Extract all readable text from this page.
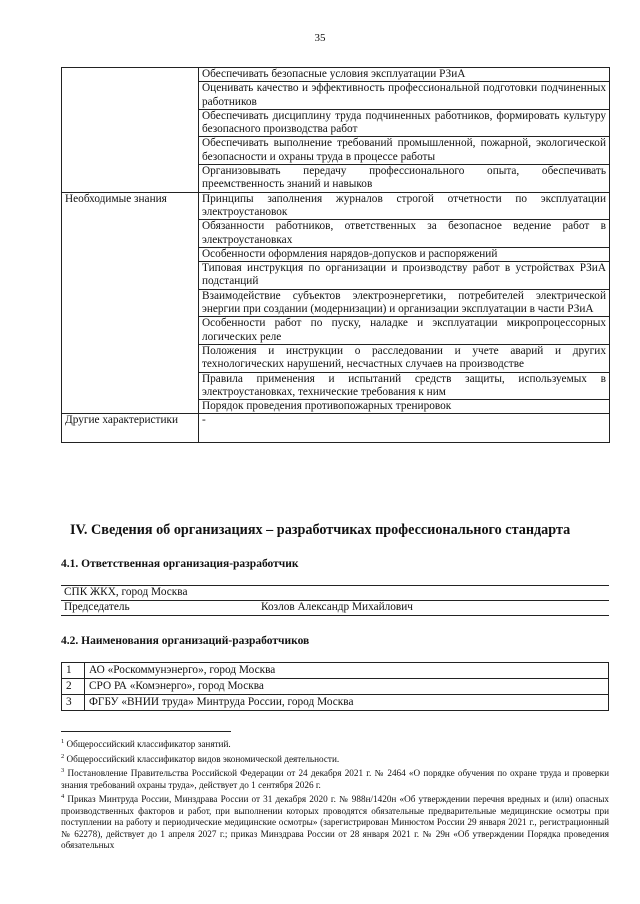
35
	Обеспечивать безопасные условия эксплуатации РЗиА
	Оценивать качество и эффективность профессиональной подготовки подчиненных работников
	Обеспечивать дисциплину труда подчиненных работников, формировать культуру безопасного производства работ
	Обеспечивать выполнение требований промышленной, пожарной, экологической безопасности и охраны труда в процессе работы
	Организовывать передачу профессионального опыта, обеспечивать преемственность знаний и навыков
Необходимые знания	Принципы заполнения журналов строгой отчетности по эксплуатации электроустановок
	Обязанности работников, ответственных за безопасное ведение работ в электроустановках
	Особенности оформления нарядов-допусков и распоряжений
	Типовая инструкция по организации и производству работ в устройствах РЗиА подстанций
	Взаимодействие субъектов электроэнергетики, потребителей электрической энергии при создании (модернизации) и организации эксплуатации в части РЗиА
	Особенности работ по пуску, наладке и эксплуатации микропроцессорных логических реле
	Положения и инструкции о расследовании и учете аварий и других технологических нарушений, несчастных случаев на производстве
	Правила применения и испытаний средств защиты, используемых в электроустановках, технические требования к ним
	Порядок проведения противопожарных тренировок
Другие характеристики	-
IV. Сведения об организациях – разработчиках профессионального стандарта
4.1. Ответственная организация-разработчик
СПК ЖКХ, город Москва
Председатель	Козлов Александр Михайлович
4.2. Наименования организаций-разработчиков
1	АО «Роскоммунэнерго», город Москва
2	СРО РА «Комэнерго», город Москва
3	ФГБУ «ВНИИ труда» Минтруда России, город Москва

$^1$ Общероссийский классификатор занятий.

$^2$ Общероссийский классификатор видов экономической деятельности.

$^3$ Постановление Правительства Российской Федерации от 24 декабря 2021 г. № 2464 «О порядке обучения по охране труда и проверки знания требований охраны труда», действует до 1 сентября 2026 г.

$^4$ Приказ Минтруда России, Минздрава России от 31 декабря 2020 г. № 988н/1420н «Об утверждении перечня вредных и (или) опасных производственных факторов и работ, при выполнении которых проводятся обязательные предварительные медицинские осмотры при поступлении на работу и периодические медицинские осмотры» (зарегистрирован Минюстом России 29 января 2021 г., регистрационный № 62278), действует до 1 апреля 2027 г.; приказ Минздрава России от 28 января 2021 г. № 29н «Об утверждении Порядка проведения обязательных
